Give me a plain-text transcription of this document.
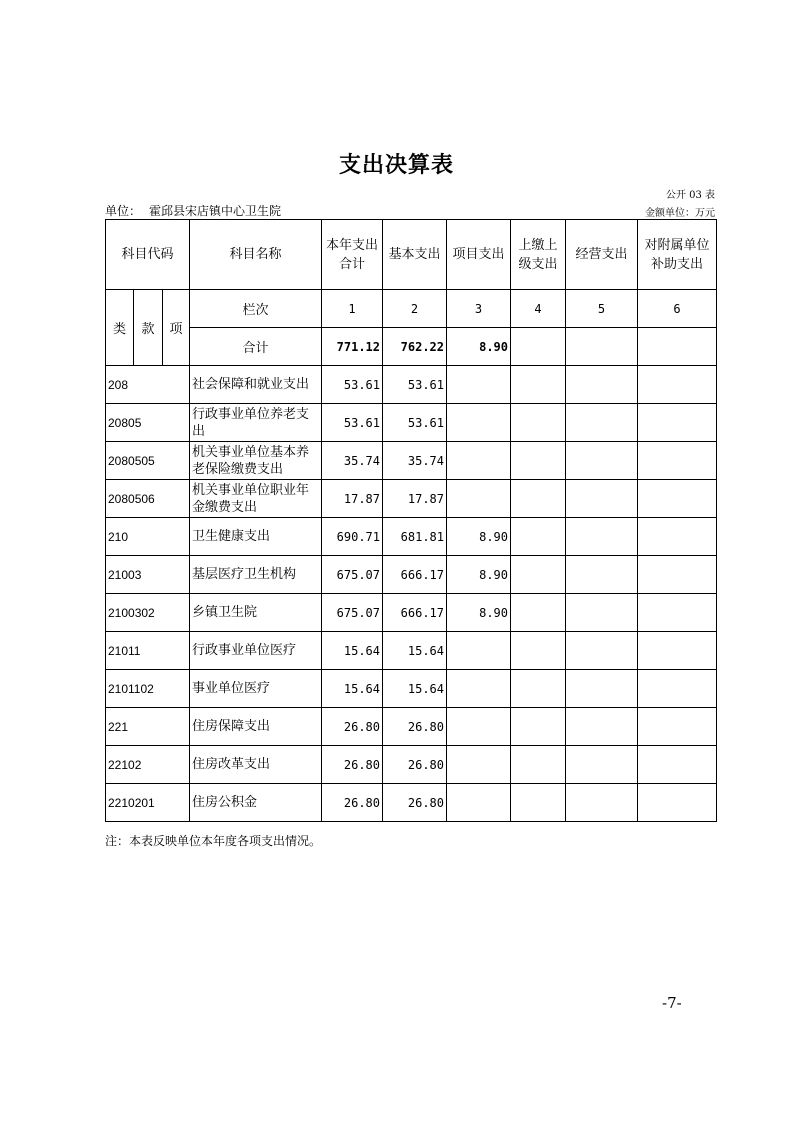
支出决算表
公开 03 表
单位： 霍邱县宋店镇中心卫生院	金额单位：万元
科目代码			科目名称	本年支出合计	基本支出	项目支出	上缴上级支出	经营支出	对附属单位补助支出

类	款	项	栏次	1	2	3	4	5	6
			合计	771.12	762.22	8.90			
208			社会保障和就业支出	53.61	53.61				
20805			行政事业单位养老支出	53.61	53.61				
2080505			机关事业单位基本养老保险缴费支出	35.74	35.74				
2080506			机关事业单位职业年金缴费支出	17.87	17.87				
210			卫生健康支出	690.71	681.81	8.90			
21003			基层医疗卫生机构	675.07	666.17	8.90			
2100302			乡镇卫生院	675.07	666.17	8.90			
21011			行政事业单位医疗	15.64	15.64				
2101102			事业单位医疗	15.64	15.64				
221			住房保障支出	26.80	26.80				
22102			住房改革支出	26.80	26.80				
2210201			住房公积金	26.80	26.80				
注：本表反映单位本年度各项支出情况。
-7-
